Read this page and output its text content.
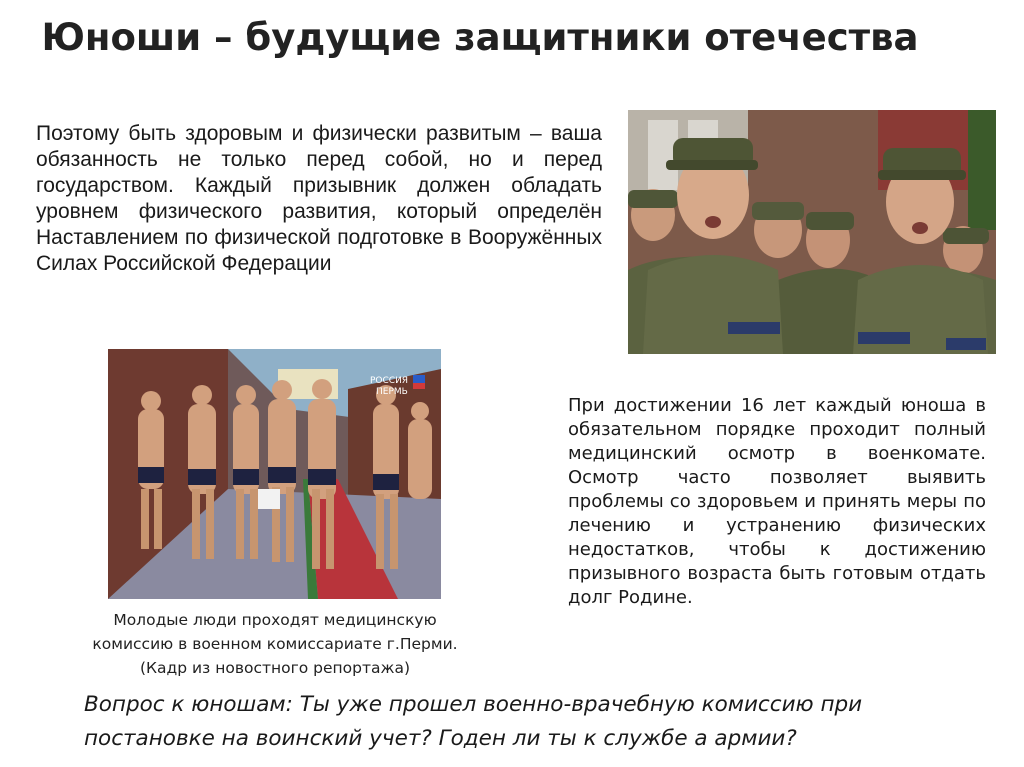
Юноши – будущие защитники отечества
Поэтому быть здоровым и физически развитым – ваша обязанность не только перед собой, но и перед государством. Каждый призывник должен обладать уровнем физического развития, который определён Наставлением по физической подготовке в Вооружённых Силах Российской Федерации
РОССИЯ
ПЕРМЬ
Молодые люди проходят медицинскую
комиссию в военном комиссариате г.Перми.
(Кадр из новостного репортажа)
При достижении 16 лет каждый юноша в обязательном порядке проходит полный медицинский осмотр в военкомате. Осмотр часто позволяет выявить проблемы со здоровьем и принять меры по лечению и устранению физических недостатков, чтобы к достижению призывного возраста быть готовым отдать долг Родине.
Вопрос к юношам: Ты уже прошел военно-врачебную комиссию при
постановке на воинский учет? Годен ли ты к службе а армии?
